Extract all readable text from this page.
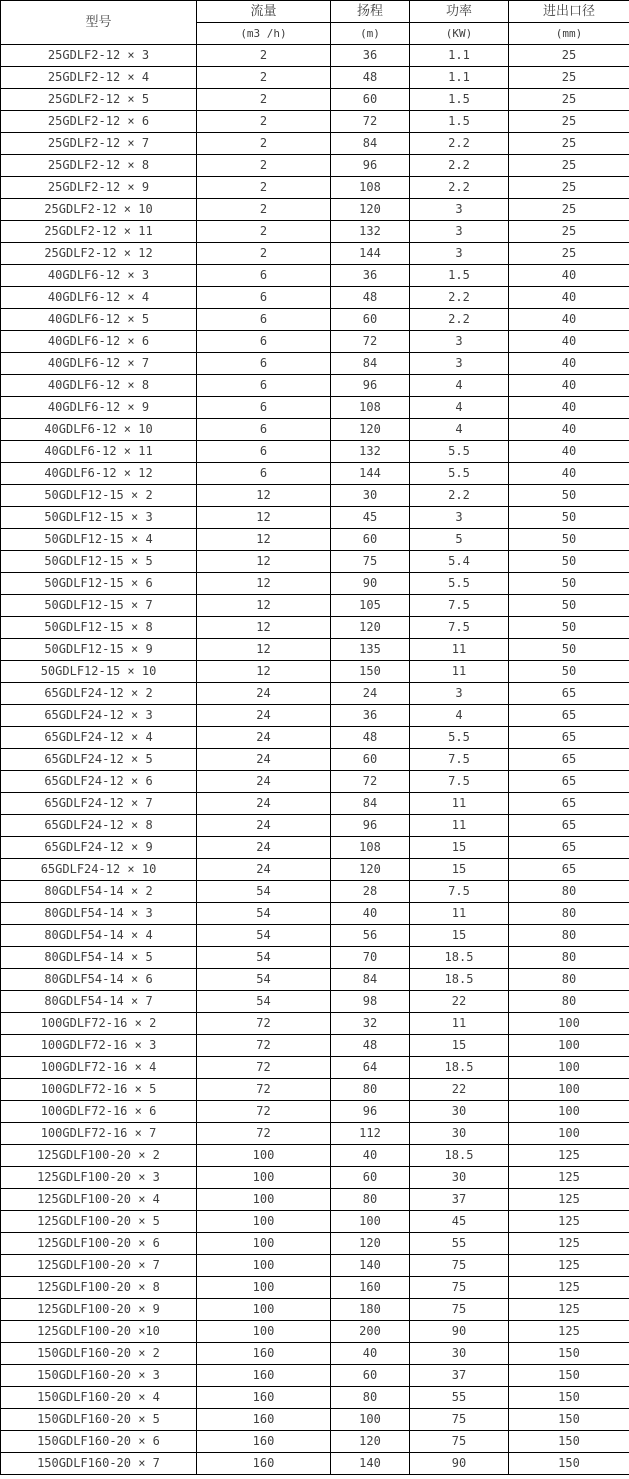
型号	流量	扬程	功率	进出口径
	(m3 /h)	(m)	(KW)	(mm)
25GDLF2-12 × 3	2	36	1.1	25
25GDLF2-12 × 4	2	48	1.1	25
25GDLF2-12 × 5	2	60	1.5	25
25GDLF2-12 × 6	2	72	1.5	25
25GDLF2-12 × 7	2	84	2.2	25
25GDLF2-12 × 8	2	96	2.2	25
25GDLF2-12 × 9	2	108	2.2	25
25GDLF2-12 × 10	2	120	3	25
25GDLF2-12 × 11	2	132	3	25
25GDLF2-12 × 12	2	144	3	25
40GDLF6-12 × 3	6	36	1.5	40
40GDLF6-12 × 4	6	48	2.2	40
40GDLF6-12 × 5	6	60	2.2	40
40GDLF6-12 × 6	6	72	3	40
40GDLF6-12 × 7	6	84	3	40
40GDLF6-12 × 8	6	96	4	40
40GDLF6-12 × 9	6	108	4	40
40GDLF6-12 × 10	6	120	4	40
40GDLF6-12 × 11	6	132	5.5	40
40GDLF6-12 × 12	6	144	5.5	40
50GDLF12-15 × 2	12	30	2.2	50
50GDLF12-15 × 3	12	45	3	50
50GDLF12-15 × 4	12	60	5	50
50GDLF12-15 × 5	12	75	5.4	50
50GDLF12-15 × 6	12	90	5.5	50
50GDLF12-15 × 7	12	105	7.5	50
50GDLF12-15 × 8	12	120	7.5	50
50GDLF12-15 × 9	12	135	11	50
50GDLF12-15 × 10	12	150	11	50
65GDLF24-12 × 2	24	24	3	65
65GDLF24-12 × 3	24	36	4	65
65GDLF24-12 × 4	24	48	5.5	65
65GDLF24-12 × 5	24	60	7.5	65
65GDLF24-12 × 6	24	72	7.5	65
65GDLF24-12 × 7	24	84	11	65
65GDLF24-12 × 8	24	96	11	65
65GDLF24-12 × 9	24	108	15	65
65GDLF24-12 × 10	24	120	15	65
80GDLF54-14 × 2	54	28	7.5	80
80GDLF54-14 × 3	54	40	11	80
80GDLF54-14 × 4	54	56	15	80
80GDLF54-14 × 5	54	70	18.5	80
80GDLF54-14 × 6	54	84	18.5	80
80GDLF54-14 × 7	54	98	22	80
100GDLF72-16 × 2	72	32	11	100
100GDLF72-16 × 3	72	48	15	100
100GDLF72-16 × 4	72	64	18.5	100
100GDLF72-16 × 5	72	80	22	100
100GDLF72-16 × 6	72	96	30	100
100GDLF72-16 × 7	72	112	30	100
125GDLF100-20 × 2	100	40	18.5	125
125GDLF100-20 × 3	100	60	30	125
125GDLF100-20 × 4	100	80	37	125
125GDLF100-20 × 5	100	100	45	125
125GDLF100-20 × 6	100	120	55	125
125GDLF100-20 × 7	100	140	75	125
125GDLF100-20 × 8	100	160	75	125
125GDLF100-20 × 9	100	180	75	125
125GDLF100-20 ×10	100	200	90	125
150GDLF160-20 × 2	160	40	30	150
150GDLF160-20 × 3	160	60	37	150
150GDLF160-20 × 4	160	80	55	150
150GDLF160-20 × 5	160	100	75	150
150GDLF160-20 × 6	160	120	75	150
150GDLF160-20 × 7	160	140	90	150
